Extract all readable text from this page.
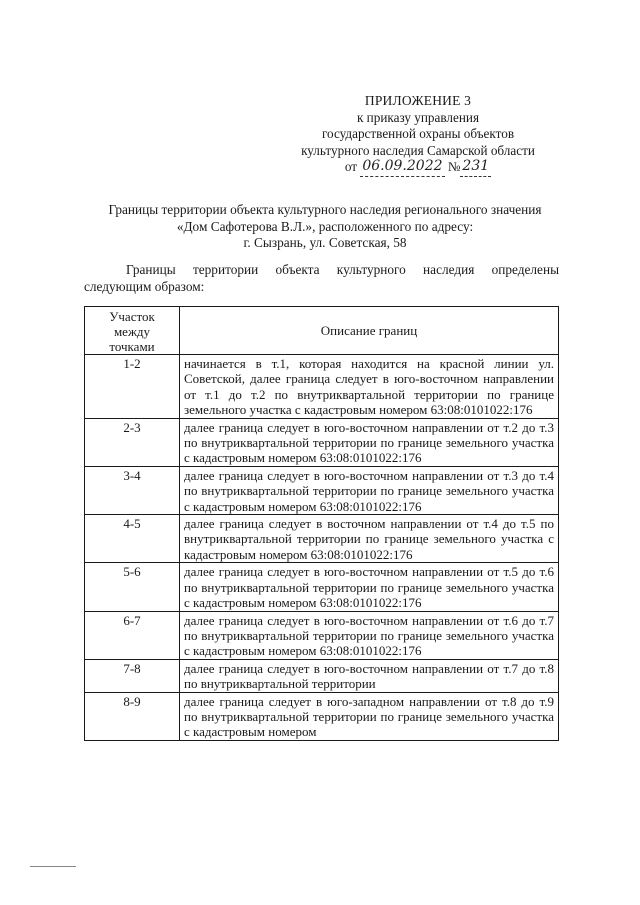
ПРИЛОЖЕНИЕ 3
к приказу управления
государственной охраны объектов
культурного наследия Самарской области
от 06.09.2022 № 231
Границы территории объекта культурного наследия регионального значения
«Дом Сафотерова В.Л.», расположенного по адресу:
г. Сызрань, ул. Советская, 58
Границы территории объекта культурного наследия определены следующим образом:
Участок
между
точками	Описание границ
1-2	начинается в т.1, которая находится на красной линии ул. Советской, далее граница следует в юго-восточном направлении от т.1 до т.2 по внутриквартальной территории по границе земельного участка с кадастровым номером 63:08:0101022:176
2-3	далее граница следует в юго-восточном направлении от т.2 до т.3 по внутриквартальной территории по границе земельного участка с кадастровым номером 63:08:0101022:176
3-4	далее граница следует в юго-восточном направлении от т.3 до т.4 по внутриквартальной территории по границе земельного участка с кадастровым номером 63:08:0101022:176
4-5	далее граница следует в восточном направлении от т.4 до т.5 по внутриквартальной территории по границе земельного участка с кадастровым номером 63:08:0101022:176
5-6	далее граница следует в юго-восточном направлении от т.5 до т.6 по внутриквартальной территории по границе земельного участка с кадастровым номером 63:08:0101022:176
6-7	далее граница следует в юго-восточном направлении от т.6 до т.7 по внутриквартальной территории по границе земельного участка с кадастровым номером 63:08:0101022:176
7-8	далее граница следует в юго-восточном направлении от т.7 до т.8 по внутриквартальной территории
8-9	далее граница следует в юго-западном направлении от т.8 до т.9 по внутриквартальной территории по границе земельного участка с кадастровым номером
